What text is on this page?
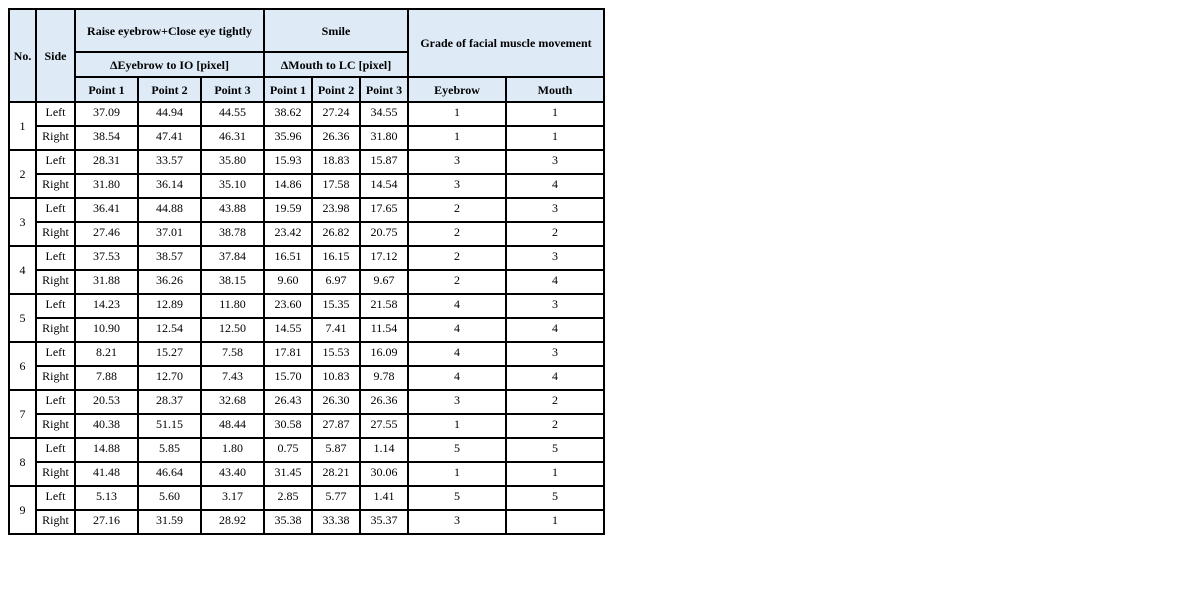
No.	Side	Raise eyebrow+Close eye tightly			Smile			Grade of facial muscle movement	
		ΔEyebrow to IO [pixel]			ΔMouth to LC [pixel]				
		Point 1	Point 2	Point 3	Point 1	Point 2	Point 3	Eyebrow	Mouth
1	Left	37.09	44.94	44.55	38.62	27.24	34.55	1	1
	Right	38.54	47.41	46.31	35.96	26.36	31.80	1	1
2	Left	28.31	33.57	35.80	15.93	18.83	15.87	3	3
	Right	31.80	36.14	35.10	14.86	17.58	14.54	3	4
3	Left	36.41	44.88	43.88	19.59	23.98	17.65	2	3
	Right	27.46	37.01	38.78	23.42	26.82	20.75	2	2
4	Left	37.53	38.57	37.84	16.51	16.15	17.12	2	3
	Right	31.88	36.26	38.15	9.60	6.97	9.67	2	4
5	Left	14.23	12.89	11.80	23.60	15.35	21.58	4	3
	Right	10.90	12.54	12.50	14.55	7.41	11.54	4	4
6	Left	8.21	15.27	7.58	17.81	15.53	16.09	4	3
	Right	7.88	12.70	7.43	15.70	10.83	9.78	4	4
7	Left	20.53	28.37	32.68	26.43	26.30	26.36	3	2
	Right	40.38	51.15	48.44	30.58	27.87	27.55	1	2
8	Left	14.88	5.85	1.80	0.75	5.87	1.14	5	5
	Right	41.48	46.64	43.40	31.45	28.21	30.06	1	1
9	Left	5.13	5.60	3.17	2.85	5.77	1.41	5	5
	Right	27.16	31.59	28.92	35.38	33.38	35.37	3	1
